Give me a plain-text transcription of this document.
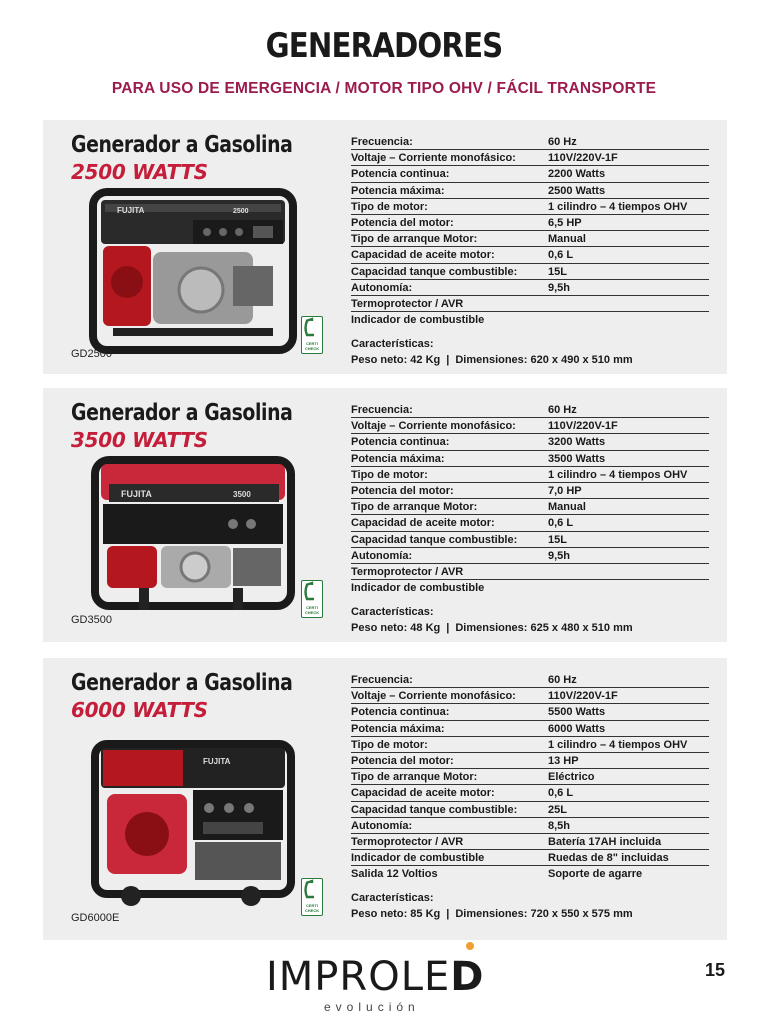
GENERADORES
PARA USO DE EMERGENCIA / MOTOR TIPO OHV / FÁCIL TRANSPORTE
Generador a Gasolina
2500 WATTS
FUJITA	2500
GD2500
CERTI CHECK
Frecuencia:	60 Hz
Voltaje – Corriente monofásico:	110V/220V-1F
Potencia continua:	2200 Watts
Potencia máxima:	2500 Watts
Tipo de motor:	1 cilindro – 4 tiempos OHV
Potencia del motor:	6,5 HP
Tipo de arranque Motor:	Manual
Capacidad de aceite motor:	0,6 L
Capacidad tanque combustible:	15L
Autonomía:	9,5h
Termoprotector / AVR
Indicador de combustible
Características:
Peso neto: 42 Kg | Dimensiones: 620 x 490 x 510 mm
Generador a Gasolina
3500 WATTS
FUJITA	3500
GD3500
CERTI CHECK
Frecuencia:	60 Hz
Voltaje – Corriente monofásico:	110V/220V-1F
Potencia continua:	3200 Watts
Potencia máxima:	3500 Watts
Tipo de motor:	1 cilindro – 4 tiempos OHV
Potencia del motor:	7,0 HP
Tipo de arranque Motor:	Manual
Capacidad de aceite motor:	0,6 L
Capacidad tanque combustible:	15L
Autonomía:	9,5h
Termoprotector / AVR
Indicador de combustible
Características:
Peso neto: 48 Kg | Dimensiones: 625 x 480 x 510 mm
Generador a Gasolina
6000 WATTS
FUJITA
GD6000E
CERTI CHECK
Frecuencia:	60 Hz
Voltaje – Corriente monofásico:	110V/220V-1F
Potencia continua:	5500 Watts
Potencia máxima:	6000 Watts
Tipo de motor:	1 cilindro – 4 tiempos OHV
Potencia del motor:	13 HP
Tipo de arranque Motor:	Eléctrico
Capacidad de aceite motor:	0,6 L
Capacidad tanque combustible:	25L
Autonomía:	8,5h
Termoprotector / AVR	Batería 17AH incluida
Indicador de combustible	Ruedas de 8" incluidas
Salida 12 Voltios	Soporte de agarre
Características:
Peso neto: 85 Kg | Dimensiones: 720 x 550 x 575 mm
IMPROLED
evolución
15
